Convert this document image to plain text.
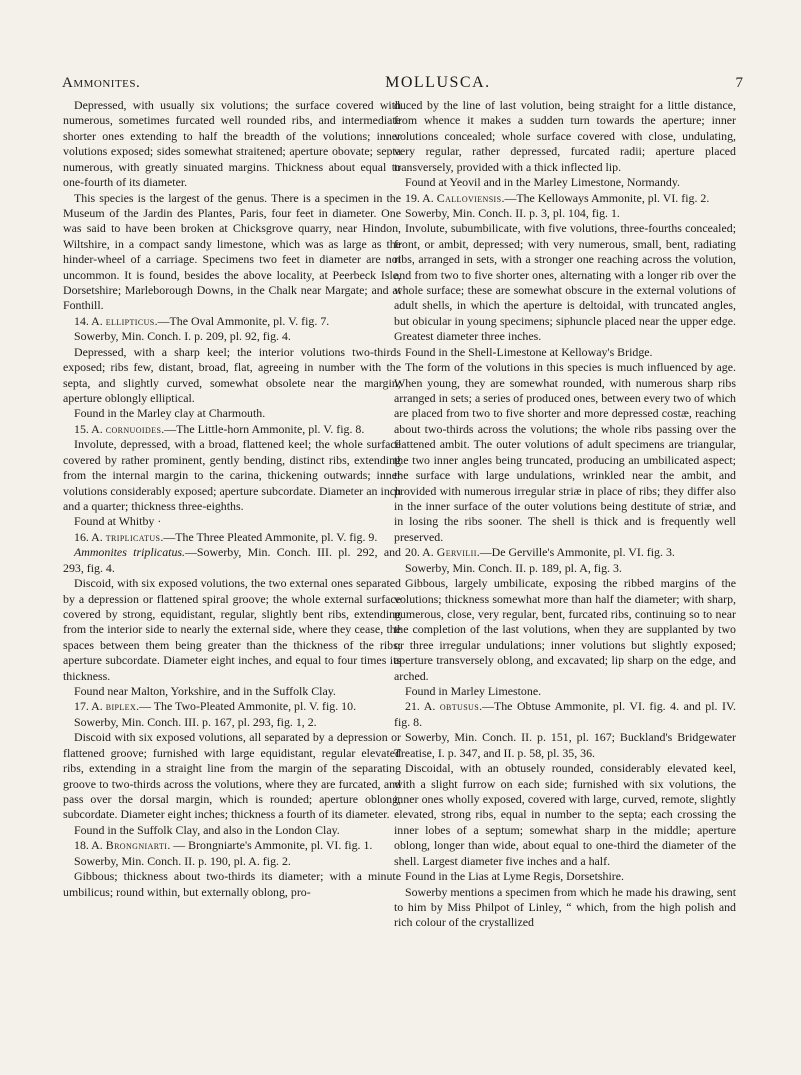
Ammonites.	MOLLUSCA.	7

Depressed, with usually six volutions; the surface covered with numerous, sometimes furcated well rounded ribs, and intermediate shorter ones extending to half the breadth of the volutions; inner volutions exposed; sides somewhat straitened; aperture obovate; septa numerous, with greatly sinuated margins. Thickness about equal to one-fourth of its diameter.

This species is the largest of the genus. There is a specimen in the Museum of the Jardin des Plantes, Paris, four feet in diameter. One was said to have been broken at Chicksgrove quarry, near Hindon, Wiltshire, in a compact sandy limestone, which was as large as the hinder-wheel of a carriage. Specimens two feet in diameter are not uncommon. It is found, besides the above locality, at Peerbeck Isle, Dorsetshire; Marleborough Downs, in the Chalk near Margate; and at Fonthill.

14. A. ellipticus.—The Oval Ammonite, pl. V. fig. 7.

Sowerby, Min. Conch. I. p. 209, pl. 92, fig. 4.

Depressed, with a sharp keel; the interior volutions two-thirds exposed; ribs few, distant, broad, flat, agreeing in number with the septa, and slightly curved, somewhat obsolete near the margin; aperture oblongly elliptical.

Found in the Marley clay at Charmouth.

15. A. cornuoides.—The Little-horn Ammonite, pl. V. fig. 8.

Involute, depressed, with a broad, flattened keel; the whole surface covered by rather prominent, gently bending, distinct ribs, extending from the internal margin to the carina, thickening outwards; inner volutions considerably exposed; aperture subcordate. Diameter an inch and a quarter; thickness three-eighths.

Found at Whitby ·

16. A. triplicatus.—The Three Pleated Ammonite, pl. V. fig. 9.

Ammonites triplicatus.—Sowerby, Min. Conch. III. pl. 292, and 293, fig. 4.

Discoid, with six exposed volutions, the two external ones separated by a depression or flattened spiral groove; the whole external surface covered by strong, equidistant, regular, slightly bent ribs, extending from the interior side to nearly the external side, where they cease, the spaces between them being greater than the thickness of the ribs; aperture subcordate. Diameter eight inches, and equal to four times its thickness.

Found near Malton, Yorkshire, and in the Suffolk Clay.

17. A. biplex.— The Two-Pleated Ammonite, pl. V. fig. 10.

Sowerby, Min. Conch. III. p. 167, pl. 293, fig. 1, 2.

Discoid with six exposed volutions, all separated by a depression or flattened groove; furnished with large equidistant, regular elevated ribs, extending in a straight line from the margin of the separating groove to two-thirds across the volutions, where they are furcated, and pass over the dorsal margin, which is rounded; aperture oblong, subcordate. Diameter eight inches; thickness a fourth of its diameter.

Found in the Suffolk Clay, and also in the London Clay.

18. A. Brongniarti. — Brongniarte's Ammonite, pl. VI. fig. 1.

Sowerby, Min. Conch. II. p. 190, pl. A. fig. 2.

Gibbous; thickness about two-thirds its diameter; with a minute umbilicus; round within, but externally oblong, pro-

duced by the line of last volution, being straight for a little distance, from whence it makes a sudden turn towards the aperture; inner volutions concealed; whole surface covered with close, undulating, very regular, rather depressed, furcated radii; aperture placed transversely, provided with a thick inflected lip.

Found at Yeovil and in the Marley Limestone, Normandy.

19. A. Calloviensis.—The Kelloways Ammonite, pl. VI. fig. 2.

Sowerby, Min. Conch. II. p. 3, pl. 104, fig. 1.

Involute, subumbilicate, with five volutions, three-fourths concealed; front, or ambit, depressed; with very numerous, small, bent, radiating ribs, arranged in sets, with a stronger one reaching across the volution, and from two to five shorter ones, alternating with a longer rib over the whole surface; these are somewhat obscure in the external volutions of adult shells, in which the aperture is deltoidal, with truncated angles, but obicular in young specimens; siphuncle placed near the upper edge. Greatest diameter three inches.

Found in the Shell-Limestone at Kelloway's Bridge.

The form of the volutions in this species is much influenced by age. When young, they are somewhat rounded, with numerous sharp ribs arranged in sets; a series of produced ones, between every two of which are placed from two to five shorter and more depressed costæ, reaching about two-thirds across the volutions; the whole ribs passing over the flattened ambit. The outer volutions of adult specimens are triangular, the two inner angles being truncated, producing an umbilicated aspect; the surface with large undulations, wrinkled near the ambit, and provided with numerous irregular striæ in place of ribs; they differ also in the inner surface of the outer volutions being destitute of striæ, and in losing the ribs sooner. The shell is thick and is frequently well preserved.

20. A. Gervilii.—De Gerville's Ammonite, pl. VI. fig. 3.

Sowerby, Min. Conch. II. p. 189, pl. A, fig. 3.

Gibbous, largely umbilicate, exposing the ribbed margins of the volutions; thickness somewhat more than half the diameter; with sharp, numerous, close, very regular, bent, furcated ribs, continuing so to near the completion of the last volutions, when they are supplanted by two or three irregular undulations; inner volutions but slightly exposed; aperture transversely oblong, and excavated; lip sharp on the edge, and arched.

Found in Marley Limestone.

21. A. obtusus.—The Obtuse Ammonite, pl. VI. fig. 4. and pl. IV. fig. 8.

Sowerby, Min. Conch. II. p. 151, pl. 167; Buckland's Bridgewater Treatise, I. p. 347, and II. p. 58, pl. 35, 36.

Discoidal, with an obtusely rounded, considerably elevated keel, with a slight furrow on each side; furnished with six volutions, the inner ones wholly exposed, covered with large, curved, remote, slightly elevated, strong ribs, equal in number to the septa; each crossing the inner lobes of a septum; somewhat sharp in the middle; aperture oblong, longer than wide, about equal to one-third the diameter of the shell. Largest diameter five inches and a half.

Found in the Lias at Lyme Regis, Dorsetshire.

Sowerby mentions a specimen from which he made his drawing, sent to him by Miss Philpot of Linley, “ which, from the high polish and rich colour of the crystallized
